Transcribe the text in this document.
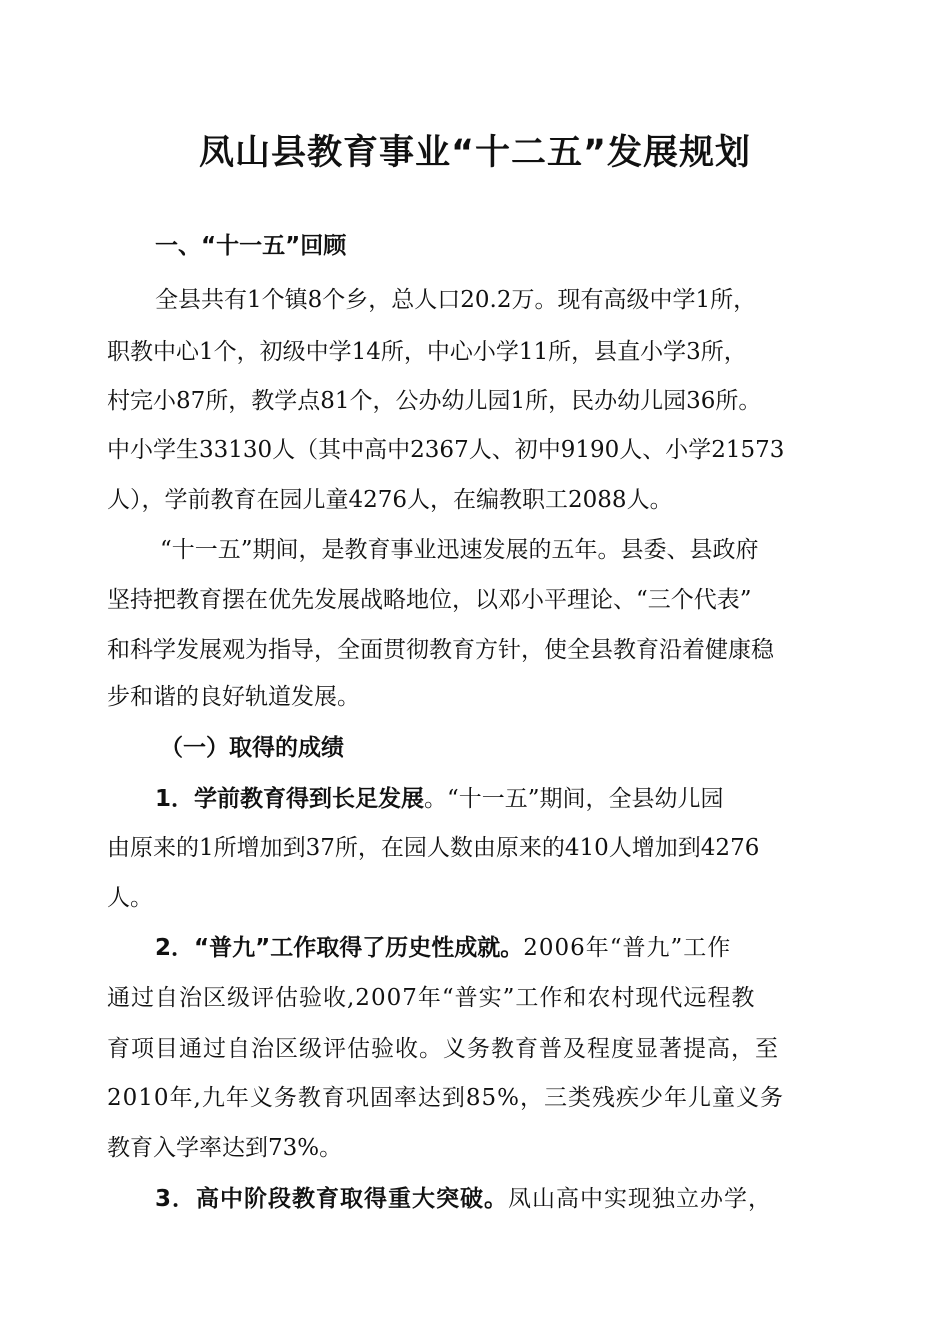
凤山县教育事业“十二五”发展规划

一、“十一五”回顾

全县共有1个镇8个乡，总人口20.2万。现有高级中学1所，

职教中心1个，初级中学14所，中心小学11所，县直小学3所，

村完小87所，教学点81个，公办幼儿园1所，民办幼儿园36所。

中小学生33130人（其中高中2367人、初中9190人、小学21573

人），学前教育在园儿童4276人，在编教职工2088人。

“十一五”期间，是教育事业迅速发展的五年。县委、县政府

坚持把教育摆在优先发展战略地位，以邓小平理论、“三个代表”

和科学发展观为指导，全面贯彻教育方针，使全县教育沿着健康稳

步和谐的良好轨道发展。

（一）取得的成绩

1．学前教育得到长足发展。“十一五”期间，全县幼儿园

由原来的1所增加到37所，在园人数由原来的410人增加到4276

人。

2．“普九”工作取得了历史性成就。2006年“普九”工作

通过自治区级评估验收,2007年“普实”工作和农村现代远程教

育项目通过自治区级评估验收。义务教育普及程度显著提高，至

2010年,九年义务教育巩固率达到85%，三类残疾少年儿童义务

教育入学率达到73%。

3．高中阶段教育取得重大突破。凤山高中实现独立办学，
